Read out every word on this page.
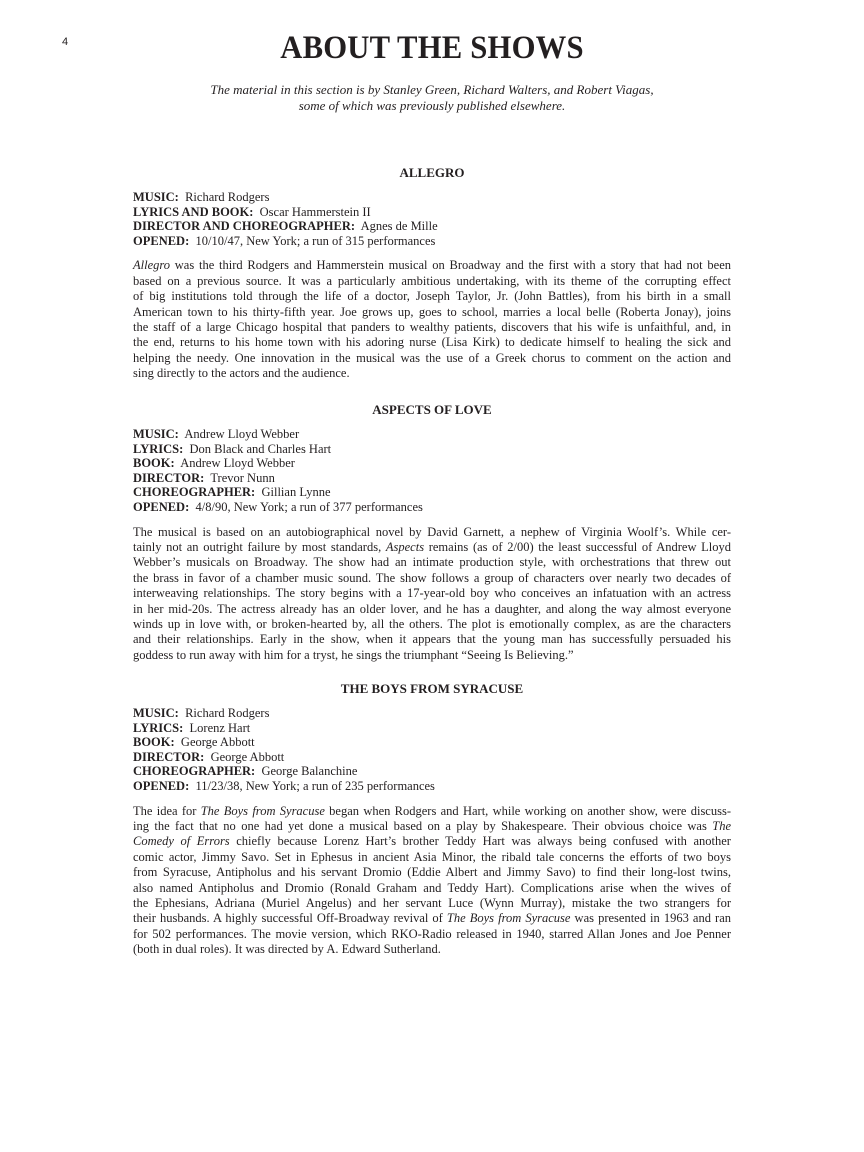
4	ABOUT THE SHOWS
The material in this section is by Stanley Green, Richard Walters, and Robert Viagas,
some of which was previously published elsewhere.
ALLEGRO
MUSIC: Richard Rodgers
LYRICS AND BOOK: Oscar Hammerstein II
DIRECTOR AND CHOREOGRAPHER: Agnes de Mille
OPENED: 10/10/47, New York; a run of 315 performances
Allegro was the third Rodgers and Hammerstein musical on Broadway and the first with a story that had not been
based on a previous source. It was a particularly ambitious undertaking, with its theme of the corrupting effect
of big institutions told through the life of a doctor, Joseph Taylor, Jr. (John Battles), from his birth in a small
American town to his thirty-fifth year. Joe grows up, goes to school, marries a local belle (Roberta Jonay), joins
the staff of a large Chicago hospital that panders to wealthy patients, discovers that his wife is unfaithful, and, in
the end, returns to his home town with his adoring nurse (Lisa Kirk) to dedicate himself to healing the sick and
helping the needy. One innovation in the musical was the use of a Greek chorus to comment on the action and
sing directly to the actors and the audience.
ASPECTS OF LOVE
MUSIC: Andrew Lloyd Webber
LYRICS: Don Black and Charles Hart
BOOK: Andrew Lloyd Webber
DIRECTOR: Trevor Nunn
CHOREOGRAPHER: Gillian Lynne
OPENED: 4/8/90, New York; a run of 377 performances
The musical is based on an autobiographical novel by David Garnett, a nephew of Virginia Woolf’s. While cer-
tainly not an outright failure by most standards, Aspects remains (as of 2/00) the least successful of Andrew Lloyd
Webber’s musicals on Broadway. The show had an intimate production style, with orchestrations that threw out
the brass in favor of a chamber music sound. The show follows a group of characters over nearly two decades of
interweaving relationships. The story begins with a 17-year-old boy who conceives an infatuation with an actress
in her mid-20s. The actress already has an older lover, and he has a daughter, and along the way almost everyone
winds up in love with, or broken-hearted by, all the others. The plot is emotionally complex, as are the characters
and their relationships. Early in the show, when it appears that the young man has successfully persuaded his
goddess to run away with him for a tryst, he sings the triumphant “Seeing Is Believing.”
THE BOYS FROM SYRACUSE
MUSIC: Richard Rodgers
LYRICS: Lorenz Hart
BOOK: George Abbott
DIRECTOR: George Abbott
CHOREOGRAPHER: George Balanchine
OPENED: 11/23/38, New York; a run of 235 performances
The idea for The Boys from Syracuse began when Rodgers and Hart, while working on another show, were discuss-
ing the fact that no one had yet done a musical based on a play by Shakespeare. Their obvious choice was The
Comedy of Errors chiefly because Lorenz Hart’s brother Teddy Hart was always being confused with another
comic actor, Jimmy Savo. Set in Ephesus in ancient Asia Minor, the ribald tale concerns the efforts of two boys
from Syracuse, Antipholus and his servant Dromio (Eddie Albert and Jimmy Savo) to find their long-lost twins,
also named Antipholus and Dromio (Ronald Graham and Teddy Hart). Complications arise when the wives of
the Ephesians, Adriana (Muriel Angelus) and her servant Luce (Wynn Murray), mistake the two strangers for
their husbands. A highly successful Off-Broadway revival of The Boys from Syracuse was presented in 1963 and ran
for 502 performances. The movie version, which RKO-Radio released in 1940, starred Allan Jones and Joe Penner
(both in dual roles). It was directed by A. Edward Sutherland.
